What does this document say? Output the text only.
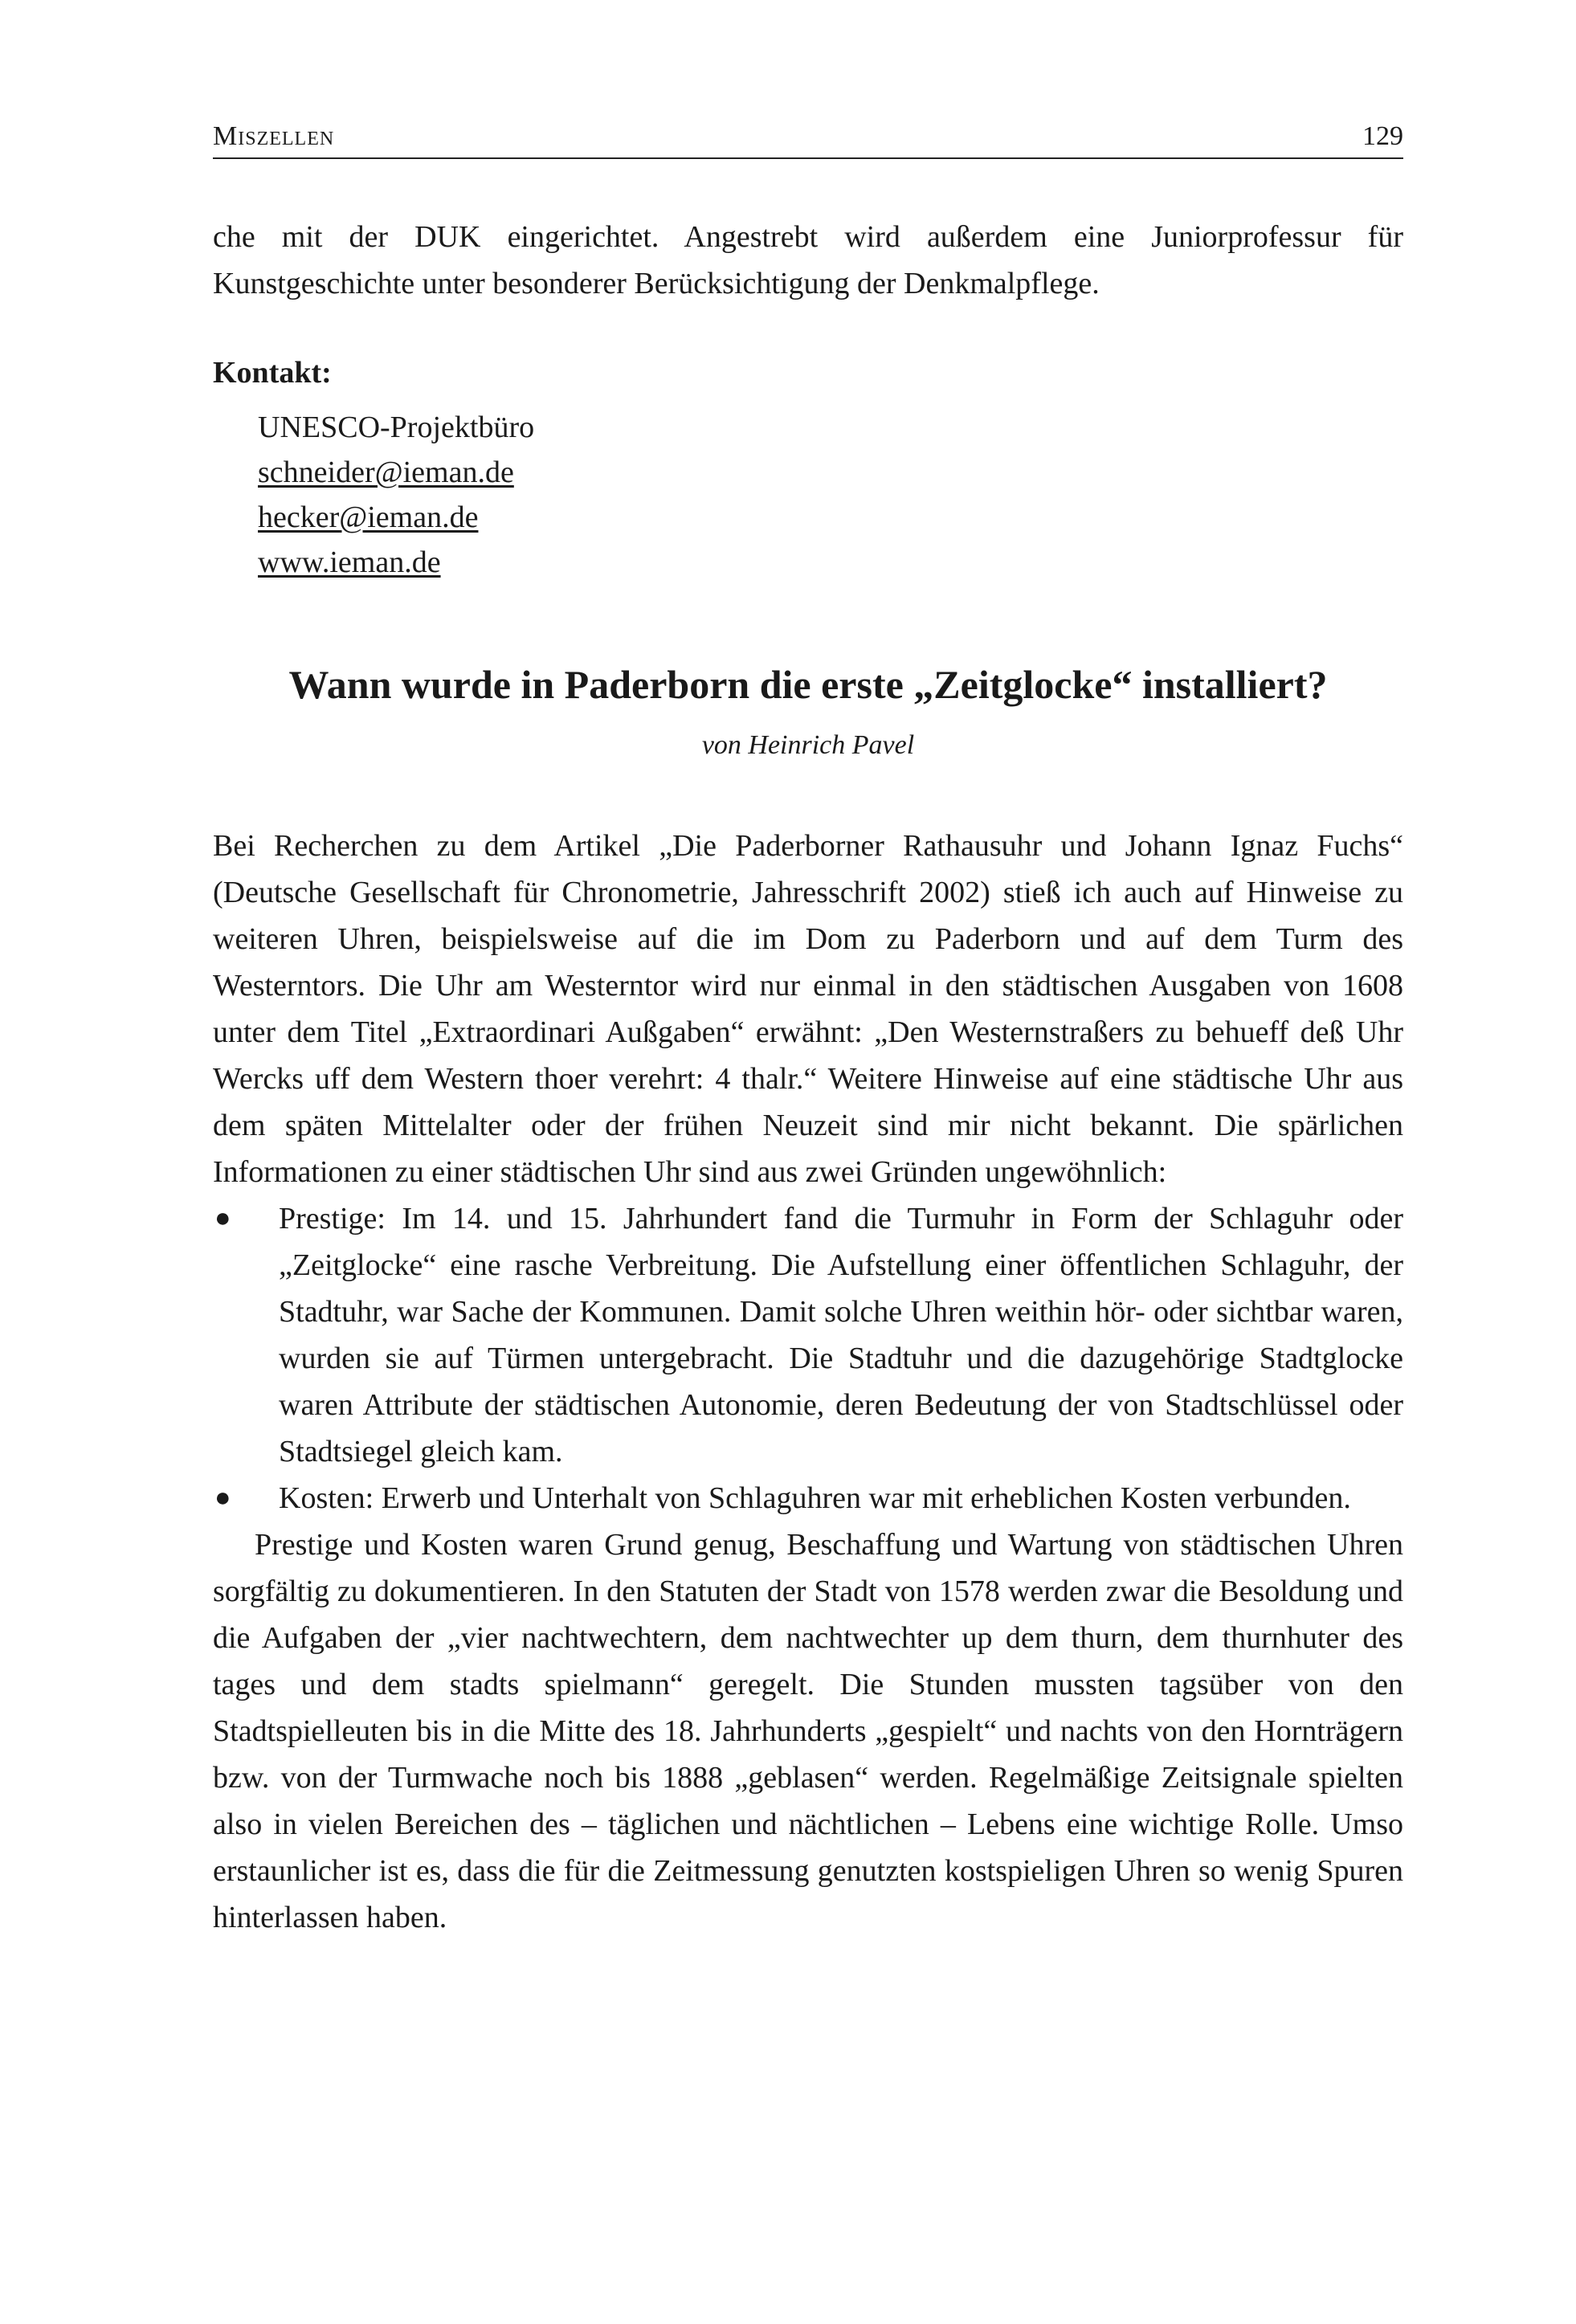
Miszellen	129

che mit der DUK eingerichtet. Angestrebt wird außerdem eine Juniorprofessur für Kunstgeschichte unter besonderer Berücksichtigung der Denkmalpflege.

Kontakt:
UNESCO-Projektbüro
schneider@ieman.de
hecker@ieman.de
www.ieman.de
Wann wurde in Paderborn die erste „Zeitglocke“ installiert?
von Heinrich Pavel

Bei Recherchen zu dem Artikel „Die Paderborner Rathausuhr und Johann Ignaz Fuchs“ (Deutsche Gesellschaft für Chronometrie, Jahresschrift 2002) stieß ich auch auf Hinweise zu weiteren Uhren, beispielsweise auf die im Dom zu Paderborn und auf dem Turm des Westerntors. Die Uhr am Westerntor wird nur einmal in den städtischen Ausgaben von 1608 unter dem Titel „Extraordinari Außgaben“ erwähnt: „Den Westernstraßers zu behueff deß Uhr Wercks uff dem Western thoer verehrt: 4 thalr.“ Weitere Hinweise auf eine städtische Uhr aus dem späten Mittelalter oder der frühen Neuzeit sind mir nicht bekannt. Die spärlichen Informationen zu einer städtischen Uhr sind aus zwei Gründen ungewöhnlich:

● Prestige: Im 14. und 15. Jahrhundert fand die Turmuhr in Form der Schlaguhr oder „Zeitglocke“ eine rasche Verbreitung. Die Aufstellung einer öffentlichen Schlaguhr, der Stadtuhr, war Sache der Kommunen. Damit solche Uhren weithin hör- oder sichtbar waren, wurden sie auf Türmen untergebracht. Die Stadtuhr und die dazugehörige Stadtglocke waren Attribute der städtischen Autonomie, deren Bedeutung der von Stadtschlüssel oder Stadtsiegel gleich kam.
● Kosten: Erwerb und Unterhalt von Schlaguhren war mit erheblichen Kosten verbunden.

Prestige und Kosten waren Grund genug, Beschaffung und Wartung von städtischen Uhren sorgfältig zu dokumentieren. In den Statuten der Stadt von 1578 werden zwar die Besoldung und die Aufgaben der „vier nachtwechtern, dem nachtwechter up dem thurn, dem thurnhuter des tages und dem stadts spielmann“ geregelt. Die Stunden mussten tagsüber von den Stadtspielleuten bis in die Mitte des 18. Jahrhunderts „gespielt“ und nachts von den Hornträgern bzw. von der Turmwache noch bis 1888 „geblasen“ werden. Regelmäßige Zeitsignale spielten also in vielen Bereichen des – täglichen und nächtlichen – Lebens eine wichtige Rolle. Umso erstaunlicher ist es, dass die für die Zeitmessung genutzten kostspieligen Uhren so wenig Spuren hinterlassen haben.
